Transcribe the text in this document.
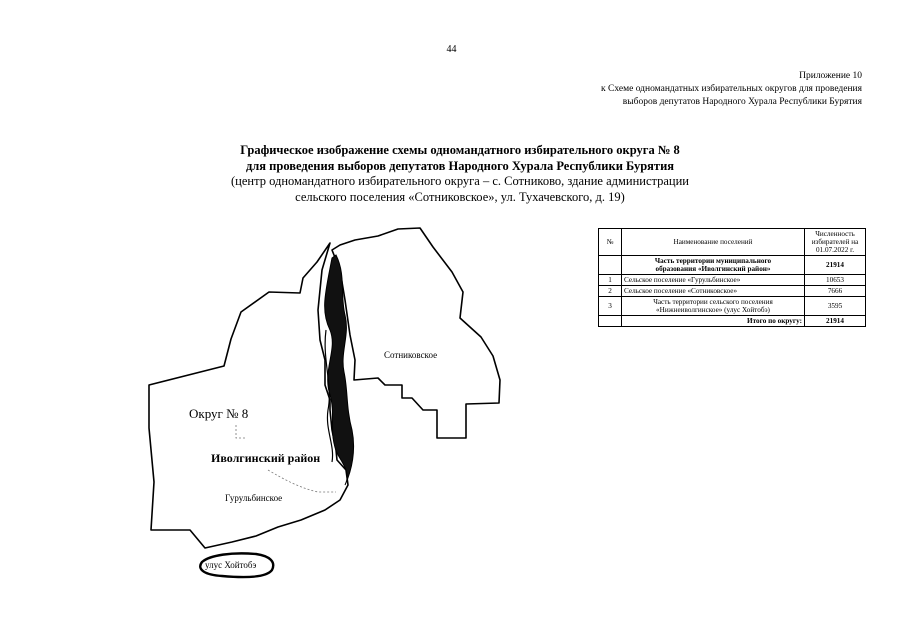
44
Приложение 10
к Схеме одномандатных избирательных округов для проведения
выборов депутатов Народного Хурала Республики Бурятия
Графическое изображение схемы одномандатного избирательного округа № 8
для проведения выборов депутатов Народного Хурала Республики Бурятия
(центр одномандатного избирательного округа – с. Сотниково, здание администрации
сельского поселения «Сотниковское», ул. Тухачевского, д. 19)
Округ № 8
Иволгинский район
Гурульбинское
Сотниковское
улус Хойтобэ
№	Наименование поселений	Численность
избирателей на
01.07.2022 г.

	Часть территории муниципального
образования «Иволгинский район»	21914
1	Сельское поселение «Гурульбинское»	10653
2	Сельское поселение «Сотниковское»	7666
3	Часть территории сельского поселения
«Нижнеиволгинское» (улус Хойтобэ)	3595
	Итого по округу:	21914
